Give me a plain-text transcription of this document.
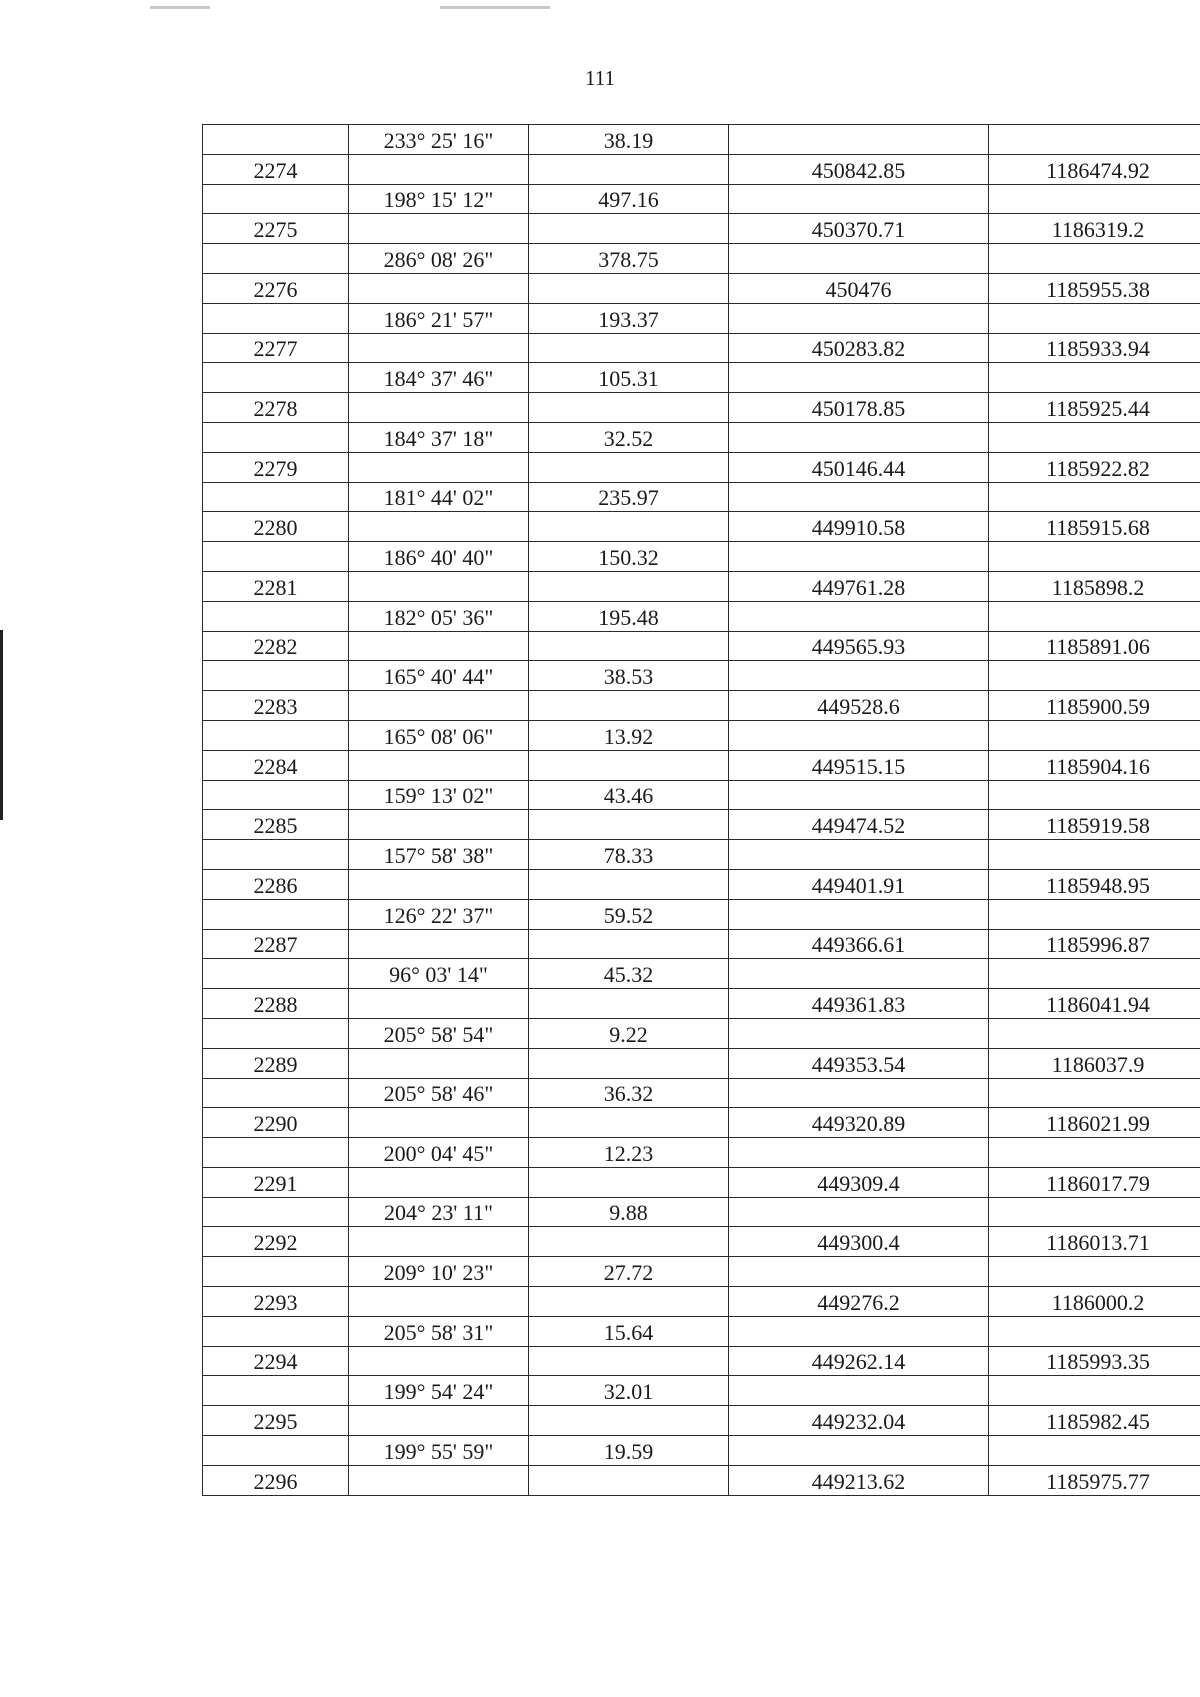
111
	233° 25' 16"	38.19		
2274			450842.85	1186474.92
	198° 15' 12"	497.16		
2275			450370.71	1186319.2
	286° 08' 26"	378.75		
2276			450476	1185955.38
	186° 21' 57"	193.37		
2277			450283.82	1185933.94
	184° 37' 46"	105.31		
2278			450178.85	1185925.44
	184° 37' 18"	32.52		
2279			450146.44	1185922.82
	181° 44' 02"	235.97		
2280			449910.58	1185915.68
	186° 40' 40"	150.32		
2281			449761.28	1185898.2
	182° 05' 36"	195.48		
2282			449565.93	1185891.06
	165° 40' 44"	38.53		
2283			449528.6	1185900.59
	165° 08' 06"	13.92		
2284			449515.15	1185904.16
	159° 13' 02"	43.46		
2285			449474.52	1185919.58
	157° 58' 38"	78.33		
2286			449401.91	1185948.95
	126° 22' 37"	59.52		
2287			449366.61	1185996.87
	96° 03' 14"	45.32		
2288			449361.83	1186041.94
	205° 58' 54"	9.22		
2289			449353.54	1186037.9
	205° 58' 46"	36.32		
2290			449320.89	1186021.99
	200° 04' 45"	12.23		
2291			449309.4	1186017.79
	204° 23' 11"	9.88		
2292			449300.4	1186013.71
	209° 10' 23"	27.72		
2293			449276.2	1186000.2
	205° 58' 31"	15.64		
2294			449262.14	1185993.35
	199° 54' 24"	32.01		
2295			449232.04	1185982.45
	199° 55' 59"	19.59		
2296			449213.62	1185975.77
